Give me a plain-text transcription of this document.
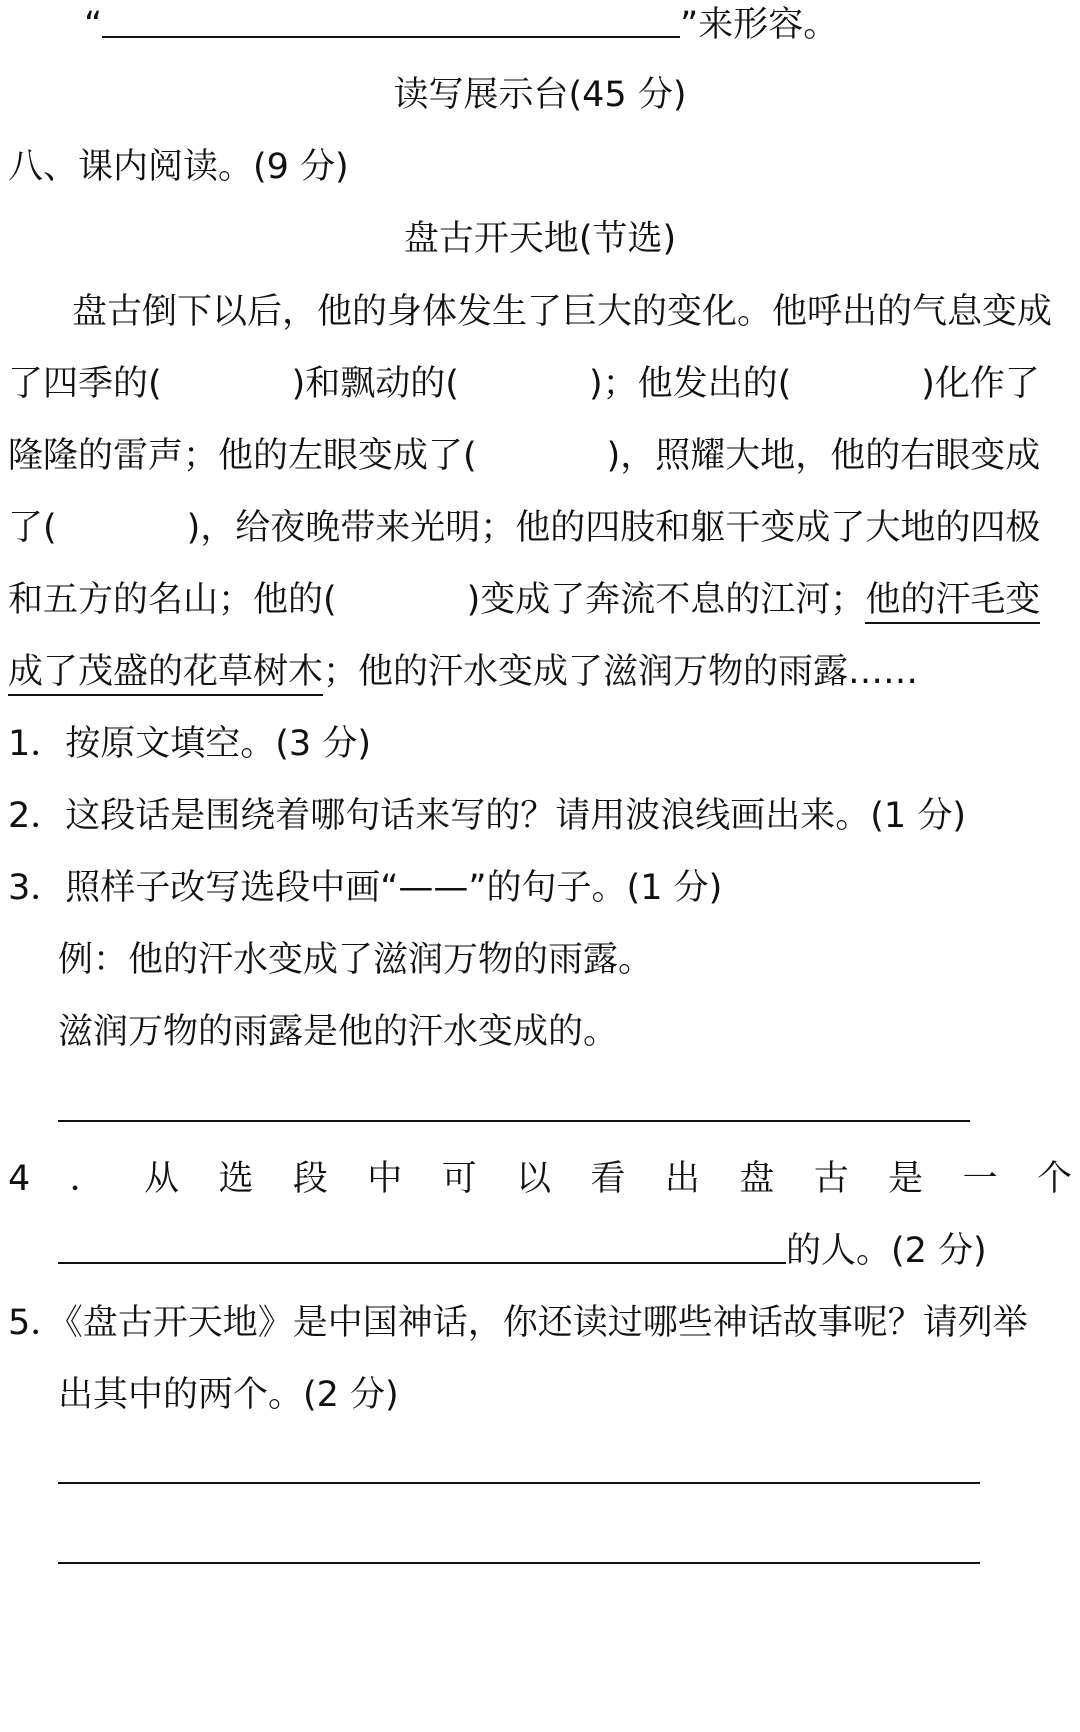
“	”来形容。
读写展示台(45 分)
八、课内阅读。(9 分)
盘古开天地(节选)
盘古倒下以后，他的身体发生了巨大的变化。他呼出的气息变成
了四季的(	)和飘动的(	)；他发出的(	)化作了
隆隆的雷声；他的左眼变成了(	)，照耀大地，他的右眼变成
了(	)，给夜晚带来光明；他的四肢和躯干变成了大地的四极
和五方的名山；他的(	)变成了奔流不息的江河；他的汗毛变
成了茂盛的花草树木；他的汗水变成了滋润万物的雨露……
1．按原文填空。(3 分)
2．这段话是围绕着哪句话来写的？请用波浪线画出来。(1 分)
3．照样子改写选段中画“——”的句子。(1 分)
例：他的汗水变成了滋润万物的雨露。
滋润万物的雨露是他的汗水变成的。
4 ． 从 选 段 中 可 以 看 出 盘 古 是 一 个
的人。(2 分)
5．《盘古开天地》是中国神话，你还读过哪些神话故事呢？请列举
出其中的两个。(2 分)
